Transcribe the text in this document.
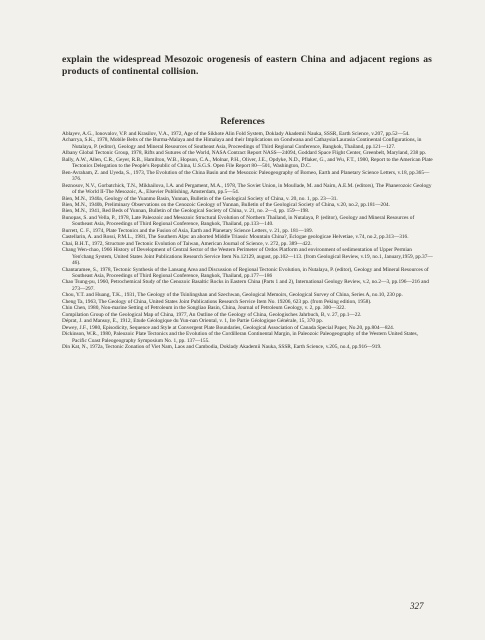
explain the widespread Mesozoic orogenesis of eastern China and adjacent regions as products of continental collision.

References

Ablayev, A.G., Ionovalov, V.P. and Krasilov, V.A., 1972, Age of the Sikhote Alin Fold System, Doklady Akademii Nauka, SSSR, Earth Science, v.207, pp.52—54.

Acharrya, S.K., 1978, Mobile Belts of the Burma-Malaya and the Himalaya and their Implications on Gondwana and Cathaysia/Laurasia Continental Configurations, in Nutalaya, P. (editor), Geology and Mineral Resources of Southeast Asia, Proceedings of Third Regional Conference, Bangkok, Thailand, pp.121—127.

Albany Global Tectonic Group, 1978, Rifts and Sutures of the World, NASA Contract Report NASS—24094, Goddard Space Flight Center, Greenbelt, Maryland, 238 pp.

Bally, A.W., Allen, C.R., Geyer, R.B., Hamilton, W.B., Hopson, C.A., Molnar, P.H., Oliver, J.E., Opdyke, N.D., Pflaker, G., and Wu, F.T., 1980, Report to the American Plate Tectonics Delegation to the People's Republic of China, U.S.G.S. Open File Report 80—501, Washington, D.C.

Ben-Avraham, Z. and Uyeda, S., 1973, The Evolution of the China Basin and the Mesozoic Paleogeography of Borneo, Earth and Planetary Science Letters, v.18, pp.365—376.

Beznosov, N.V., Gorbatchick, T.N., Mikhailova, I.A. and Pergament, M.A., 1978, The Soviet Union, in Moullade, M. and Nairn, A.E.M. (editors), The Phanerozoic Geology of the World II-The Mesozoic, A., Elsevier Publishing, Amsterdam, pp.5—54.

Bien, M.N., 1940a, Geology of the Yuanmo Basin, Yunnan, Bulletin of the Geological Society of China, v. 20, no. 1, pp. 23—31.

Bien, M.N., 1940b, Preliminary Observations on the Cenozoic Geology of Yunnan, Bulletin of the Geological Society of China, v.20, no.2, pp.181—204.

Bien, M.N., 1941, Red Beds of Yunnan, Bulletin of the Geological Society of China, v. 21, no. 2—4, pp. 159—198.

Bunopas, S. and Vella, P., 1978, Late Paleozoic and Mesozoic Structural Evolution of Northern Thailand, in Nutalaya, P. (editor), Geology and Mineral Resources of Southeast Asia, Proceedings of Third Regional Conference, Bangkok, Thailand, pp.133—140.

Burrett, C. F., 1974, Plate Tectonics and the Fusion of Asia, Earth and Planetary Science Letters, v. 21, pp. 181—189.

Castellarin, A. and Rossi, P.M.L., 1981, The Southern Alps: an aborted Middle Triassic Mountain China?, Eclogae geologicae Helvetiae, v.74, no.2, pp.313—316.

Chai, B.H.T., 1972, Structure and Tectonic Evolution of Taiwan, American Journal of Science, v. 272, pp. 389—422.

Chang Wen-chao, 1966 History of Development of Central Sector of the Western Perimeter of Ordos Platform and environment of sedimentation of Upper Permian Yen'chang System, United States Joint Publications Research Service Item No.12129, august, pp.102—113. (from Geological Review, v.19, no.1, January,1959, pp.37—46).

Chantaramee, S., 1978, Tectonic Synthesis of the Lansang Area and Discussion of Regional Tectonic Evolution, in Nutalaya, P. (editor), Geology and Mineral Resources of Southeast Asia, Proceedings of Third Regional Conference, Bangkok, Thailand, pp.177—186

Chao Tsung-pu, 1960, Petrochemical Study of the Cenozoic Basaltic Rocks in Eastern China (Parts 1 and 2), International Geology Review, v.2, no.2—3, pp.196—216 and 273—297.

Chou, Y.T. and Huang, T.K., 1931, The Geology of the Tsinlingshan and Szechwan, Geological Memoirs, Geological Survey of China, Series A, no.10, 230 pp.

Cheng Ta, 1963, The Geology of China, United States Joint Publications Research Service Item No. 19206, 623 pp. (from Peking edition, 1958).

Chin Chen, 1980, Non-marine Setting of Petroleum in the Songliao Basin, China, Journal of Petroleum Geology, v. 2, pp. 300—322.

Compilation Group of the Geological Map of China, 1977, An Outline of the Geology of China, Geologisches Jahrbuch, B, v. 27, pp.1—22.

Déprat, J. and Mansuy, E., 1912, Etude Géologique du Yun-nan Oriental, v. 1, Ire Partie Géologique Générale, 15, 370 pp.

Dewey, J.F., 1980, Episodicity, Sequence and Style at Convergent Plate Boundaries, Geological Association of Canada Special Paper, No.20, pp.804—824.

Dickinson, W.R., 1980, Paleozoic Plate Tectonics and the Evolution of the Cordilleran Continental Margin, in Paleozoic Paleogeography of the Western United States, Pacific Coast Paleogeography Symposium No. 1, pp. 137—155.

Din Kat, N., 1972a, Tectonic Zonation of Viet Nam, Laos and Cambodia, Doklady Akademii Nauka, SSSR, Earth Science, v.205, no.4, pp.916—919.

327
